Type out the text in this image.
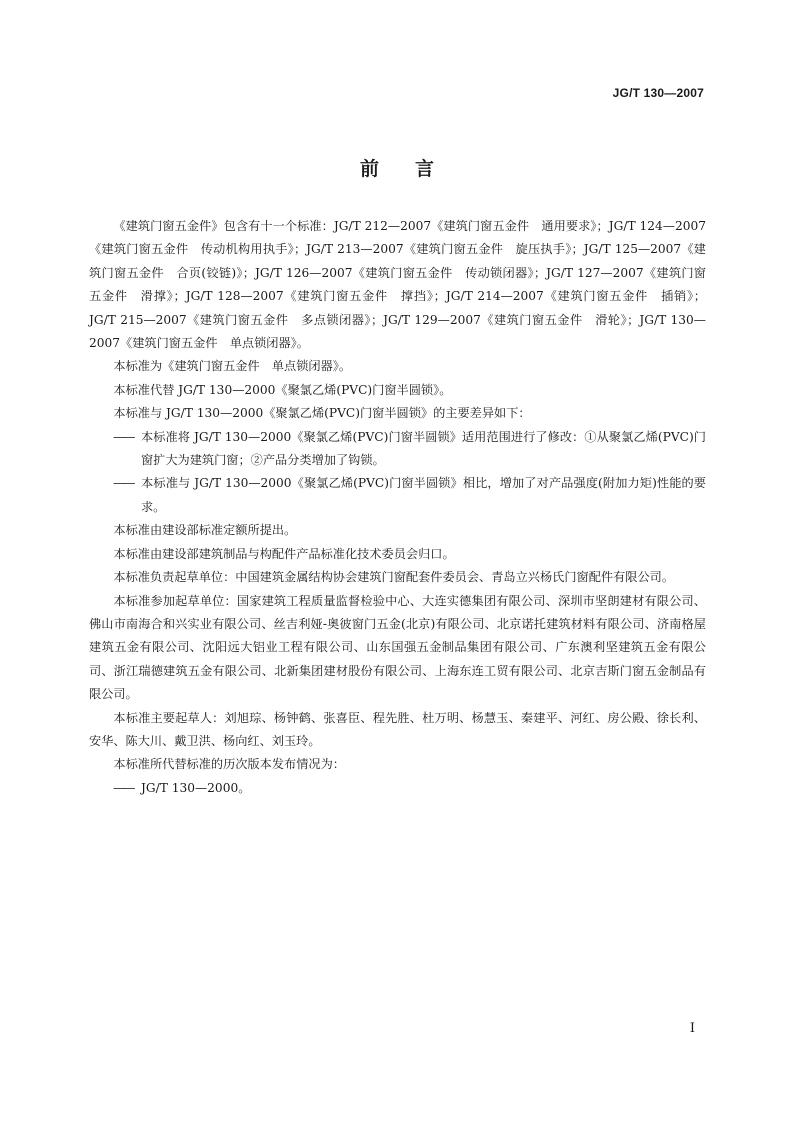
JG/T 130—2007
前言

《建筑门窗五金件》包含有十一个标准：JG/T 212—2007《建筑门窗五金件　通用要求》；JG/T 124—2007《建筑门窗五金件　传动机构用执手》；JG/T 213—2007《建筑门窗五金件　旋压执手》；JG/T 125—2007《建筑门窗五金件　合页(铰链)》；JG/T 126—2007《建筑门窗五金件　传动锁闭器》；JG/T 127—2007《建筑门窗五金件　滑撑》；JG/T 128—2007《建筑门窗五金件　撑挡》；JG/T 214—2007《建筑门窗五金件　插销》；JG/T 215—2007《建筑门窗五金件　多点锁闭器》；JG/T 129—2007《建筑门窗五金件　滑轮》；JG/T 130—2007《建筑门窗五金件　单点锁闭器》。

本标准为《建筑门窗五金件　单点锁闭器》。

本标准代替 JG/T 130—2000《聚氯乙烯(PVC)门窗半圆锁》。

本标准与 JG/T 130—2000《聚氯乙烯(PVC)门窗半圆锁》的主要差异如下：

—— 本标准将 JG/T 130—2000《聚氯乙烯(PVC)门窗半圆锁》适用范围进行了修改：①从聚氯乙烯(PVC)门窗扩大为建筑门窗；②产品分类增加了钩锁。

—— 本标准与 JG/T 130—2000《聚氯乙烯(PVC)门窗半圆锁》相比，增加了对产品强度(附加力矩)性能的要求。

本标准由建设部标准定额所提出。

本标准由建设部建筑制品与构配件产品标准化技术委员会归口。

本标准负责起草单位：中国建筑金属结构协会建筑门窗配套件委员会、青岛立兴杨氏门窗配件有限公司。

本标准参加起草单位：国家建筑工程质量监督检验中心、大连实德集团有限公司、深圳市坚朗建材有限公司、佛山市南海合和兴实业有限公司、丝吉利娅-奥彼窗门五金(北京)有限公司、北京诺托建筑材料有限公司、济南格屋建筑五金有限公司、沈阳远大铝业工程有限公司、山东国强五金制品集团有限公司、广东澳利坚建筑五金有限公司、浙江瑞德建筑五金有限公司、北新集团建材股份有限公司、上海东连工贸有限公司、北京吉斯门窗五金制品有限公司。

本标准主要起草人：刘旭琮、杨钟鹤、张喜臣、程先胜、杜万明、杨慧玉、秦建平、河红、房公殿、徐长利、安华、陈大川、戴卫洪、杨向红、刘玉玲。

本标准所代替标准的历次版本发布情况为：

—— JG/T 130—2000。

I
